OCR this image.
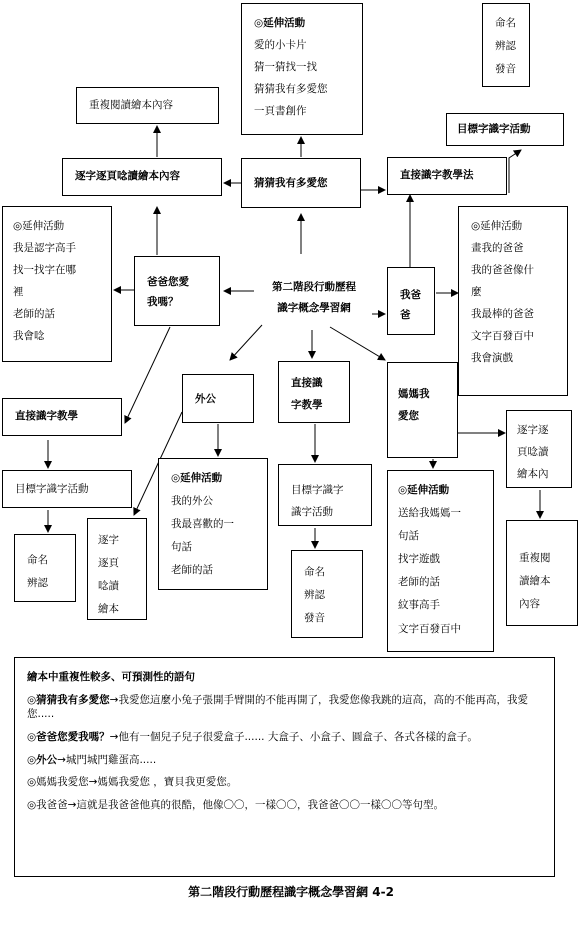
◎延伸活動
愛的小卡片
猜一猜找一找
猜猜我有多愛您
一頁書創作
命名
辨認
發音
重複閱讀繪本內容
目標字識字活動
逐字逐頁唸讀繪本內容
猜猜我有多愛您
直接識字教學法
◎延伸活動
我是認字高手
找一找字在哪
裡
老師的話
我會唸
◎延伸活動
畫我的爸爸
我的爸爸像什
麼
我最棒的爸爸
文字百發百中
我會演戲
爸爸您愛
我嗎？
第二階段行動歷程
識字概念學習網
我爸
爸
直接識字教學
外公
直接識
字教學
媽媽我
愛您
逐字逐
頁唸讀
繪本內
目標字識字活動
◎延伸活動
我的外公
我最喜歡的一
句話
老師的話
目標字識字
識字活動
◎延伸活動
送給我媽媽一
句話
找字遊戲
老師的話
紋事高手
文字百發百中
逐字
逐頁
唸讀
繪本
重複閱
讀繪本
內容
命名
辨認
命名
辨認
發音
繪本中重複性較多、可預測性的語句
◎猜猜我有多愛您→我愛您這麼小兔子張開手臂開的不能再開了，我愛您像我跳的這高，高的不能再高，我愛您.....
◎爸爸您愛我嗎？→他有一個兒子兒子很愛盒子...... 大盒子、小盒子、圓盒子、各式各樣的盒子。
◎外公→城門城門雞蛋高.....
◎媽媽我愛您→媽媽我愛您 ，寶貝我更愛您。
◎我爸爸→這就是我爸爸他真的很酷，他像〇〇，一樣〇〇，我爸爸〇〇一樣〇〇等句型。
第二階段行動歷程識字概念學習網 4-2
